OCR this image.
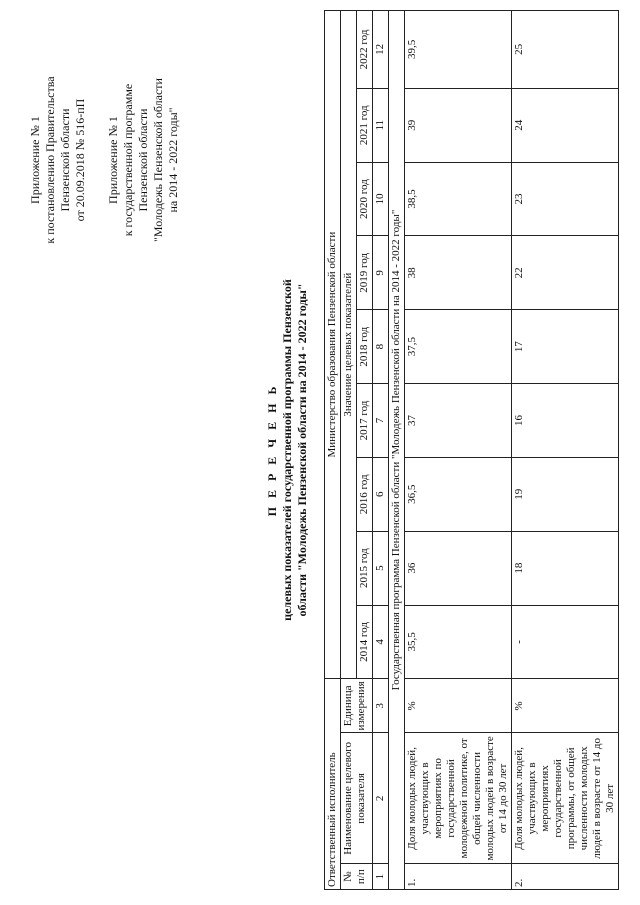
Приложение № 1 к постановлению Правительства Пензенской области от 20.09.2018 № 516-пП Приложение № 1 к государственной программе Пензенской области "Молодежь Пензенской области на 2014 - 2022 годы"
П Е Р Е Ч Е Н Ь целевых показателей государственной программы Пензенской области "Молодежь Пензенской области на 2014 - 2022 годы"
Ответственный исполнитель			Министерство образования Пензенской области								
№ п/п	Наименование целевого показателя	Единица измерения	Значение целевых показателей								
			2014 год	2015 год	2016 год	2017 год	2018 год	2019 год	2020 год	2021 год	2022 год
1	2	3	4	5	6	7	8	9	10	11	12
Государственная программа Пензенской области "Молодежь Пензенской области на 2014 - 2022 годы"											
1.	Доля молодых людей, участвующих в мероприятиях по государственной молодежной политике, от общей численности молодых людей в возрасте от 14 до 30 лет	%	35,5	36	36,5	37	37,5	38	38,5	39	39,5
2.	Доля молодых людей, участвующих в мероприятиях государственной программы, от общей численности молодых людей в возрасте от 14 до 30 лет	%	-	18	19	16	17	22	23	24	25
